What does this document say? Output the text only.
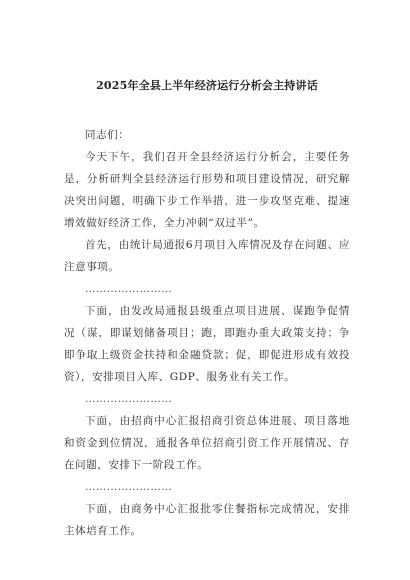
2025年全县上半年经济运行分析会主持讲话

同志们：

今天下午，我们召开全县经济运行分析会，主要任务是，分析研判全县经济运行形势和项目建设情况，研究解决突出问题，明确下步工作举措，进一步攻坚克难、提速增效做好经济工作，全力冲刺“双过半”。

首先，由统计局通报6月项目入库情况及存在问题、应注意事项。

……………………

下面，由发改局通报县级重点项目进展、谋跑争促情况（谋，即谋划储备项目；跑，即跑办重大政策支持；争即争取上级资金扶持和金融贷款；促，即促进形成有效投资），安排项目入库、GDP、服务业有关工作。

……………………

下面，由招商中心汇报招商引资总体进展、项目落地和资金到位情况，通报各单位招商引资工作开展情况、存在问题，安排下一阶段工作。

……………………

下面，由商务中心汇报批零住餐指标完成情况，安排主体培育工作。
